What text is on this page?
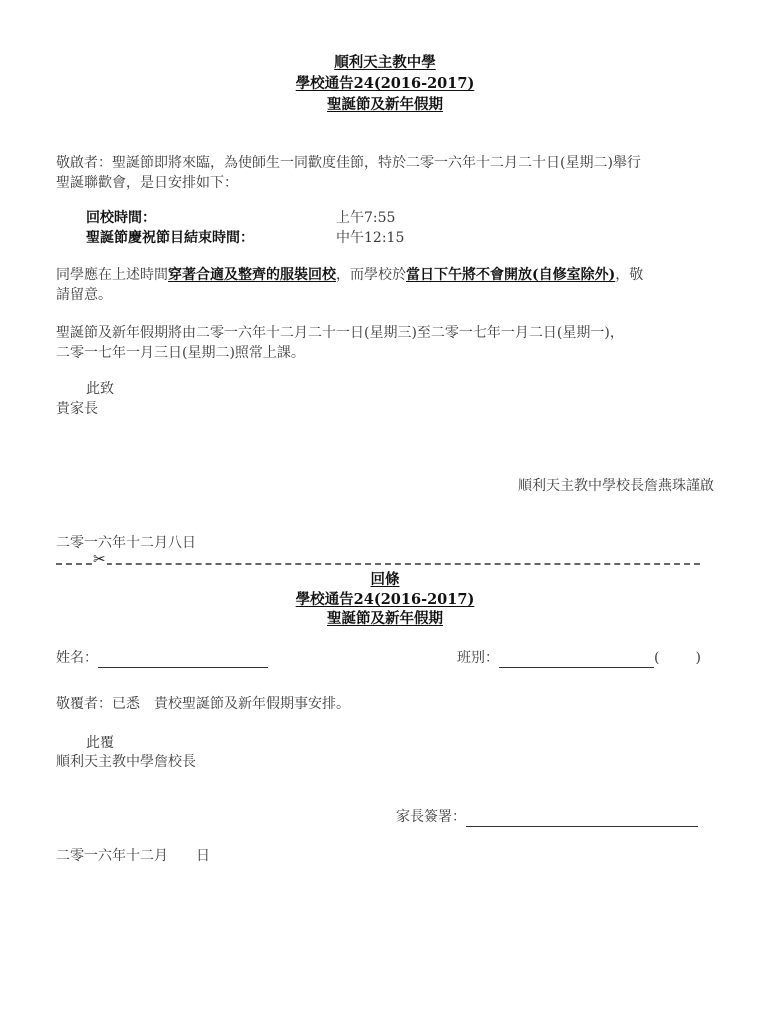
順利天主教中學
學校通告24(2016-2017)
聖誕節及新年假期
敬啟者：聖誕節即將來臨，為使師生一同歡度佳節，特於二零一六年十二月二十日(星期二)舉行
聖誕聯歡會，是日安排如下：
回校時間：	上午7:55
聖誕節慶祝節目結束時間：	中午12:15
同學應在上述時間穿著合適及整齊的服裝回校，而學校於當日下午將不會開放(自修室除外)，敬
請留意。
聖誕節及新年假期將由二零一六年十二月二十一日(星期三)至二零一七年一月二日(星期一)，
二零一七年一月三日(星期二)照常上課。
此致
貴家長
順利天主教中學校長詹燕珠謹啟
二零一六年十二月八日
✂
回條
學校通告24(2016-2017)
聖誕節及新年假期
姓名：	班別：	(	)
敬覆者：已悉　貴校聖誕節及新年假期事安排。
此覆
順利天主教中學詹校長
家長簽署：
二零一六年十二月　　日
